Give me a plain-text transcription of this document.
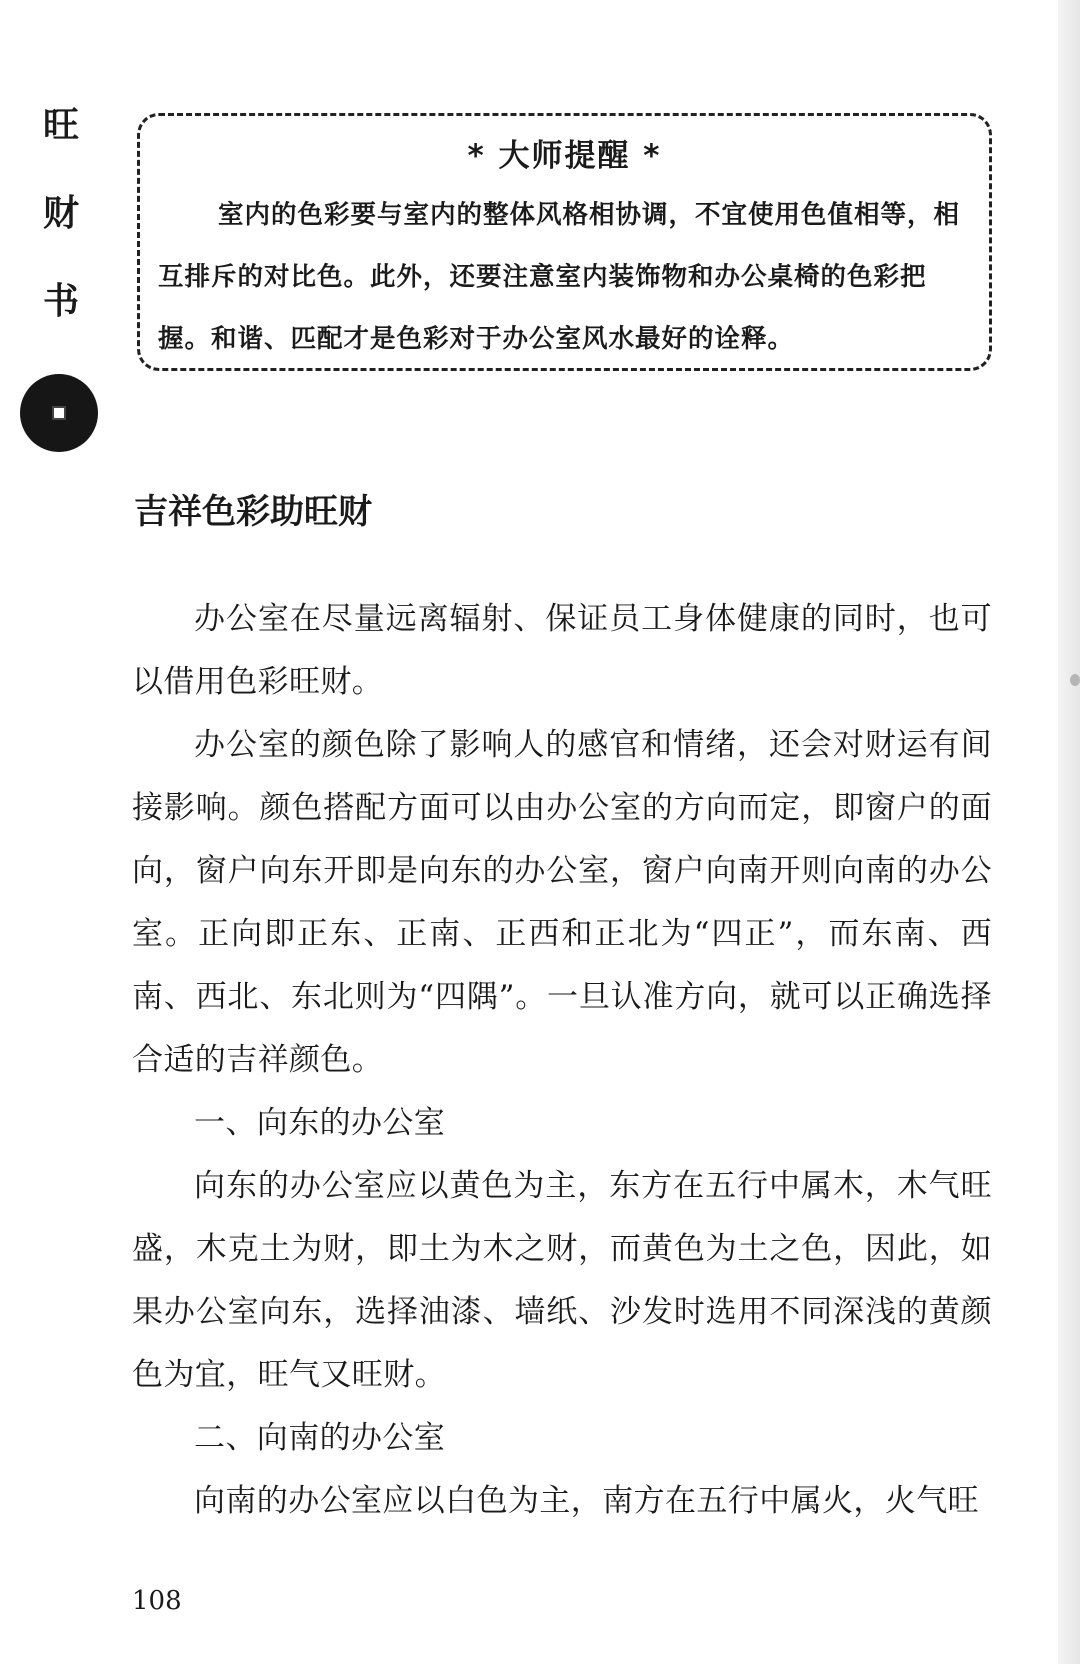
旺
财
书
* 大师提醒 *
室内的色彩要与室内的整体风格相协调，不宜使用色值相等，相互排斥的对比色。此外，还要注意室内装饰物和办公桌椅的色彩把握。和谐、匹配才是色彩对于办公室风水最好的诠释。
吉祥色彩助旺财

办公室在尽量远离辐射、保证员工身体健康的同时，也可以借用色彩旺财。

办公室的颜色除了影响人的感官和情绪，还会对财运有间接影响。颜色搭配方面可以由办公室的方向而定，即窗户的面向，窗户向东开即是向东的办公室，窗户向南开则向南的办公室。正向即正东、正南、正西和正北为“四正”，而东南、西南、西北、东北则为“四隅”。一旦认准方向，就可以正确选择合适的吉祥颜色。

一、向东的办公室

向东的办公室应以黄色为主，东方在五行中属木，木气旺盛，木克土为财，即土为木之财，而黄色为土之色，因此，如果办公室向东，选择油漆、墙纸、沙发时选用不同深浅的黄颜色为宜，旺气又旺财。

二、向南的办公室

向南的办公室应以白色为主，南方在五行中属火，火气旺

108
